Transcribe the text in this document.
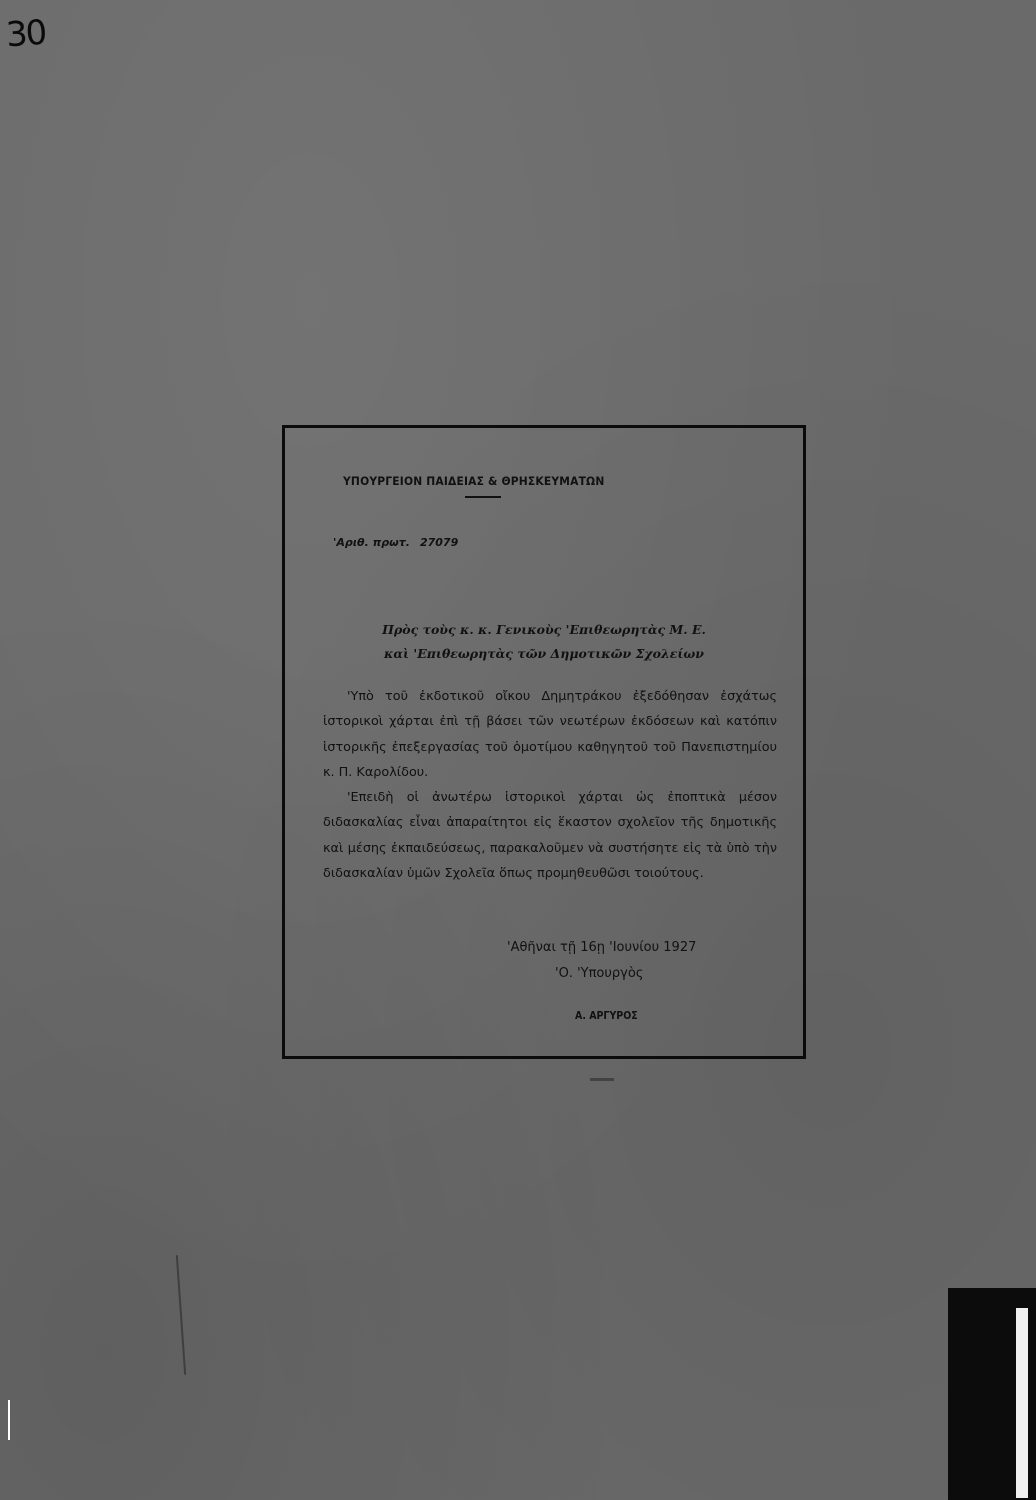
30
ΥΠΟΥΡΓΕΙΟΝ ΠΑΙΔΕΙΑΣ & ΘΡΗΣΚΕΥΜΑΤΩΝ
'Αριθ. πρωτ. 27079
Πρὸς τοὺς κ. κ. Γενικοὺς 'Επιθεωρητὰς Μ. Ε.
καὶ 'Επιθεωρητὰς τῶν Δημοτικῶν Σχολείων

'Υπὸ τοῦ ἐκδοτικοῦ οἴκου Δημητράκου ἐξεδόθησαν ἐσχάτως ἱστορικοὶ χάρται ἐπὶ τῇ βάσει τῶν νεωτέρων ἐκδόσεων καὶ κατόπιν ἱστορικῆς ἐπεξεργασίας τοῦ ὁμοτίμου καθηγητοῦ τοῦ Πανεπιστημίου κ. Π. Καρολίδου.

'Επειδὴ οἱ ἀνωτέρω ἱστορικοὶ χάρται ὡς ἐποπτικὰ μέσον διδασκαλίας εἶναι ἀπαραίτητοι εἰς ἕκαστον σχολεῖον τῆς δημοτικῆς καὶ μέσης ἐκπαιδεύσεως, παρακαλοῦμεν νὰ συστήσητε εἰς τὰ ὑπὸ τὴν διδασκαλίαν ὑμῶν Σχολεῖα ὅπως προμηθευθῶσι τοιούτους.

'Αθῆναι τῇ 16ῃ 'Ιουνίου 1927
'Ο. 'Υπουργὸς
Α. ΑΡΓΥΡΟΣ
